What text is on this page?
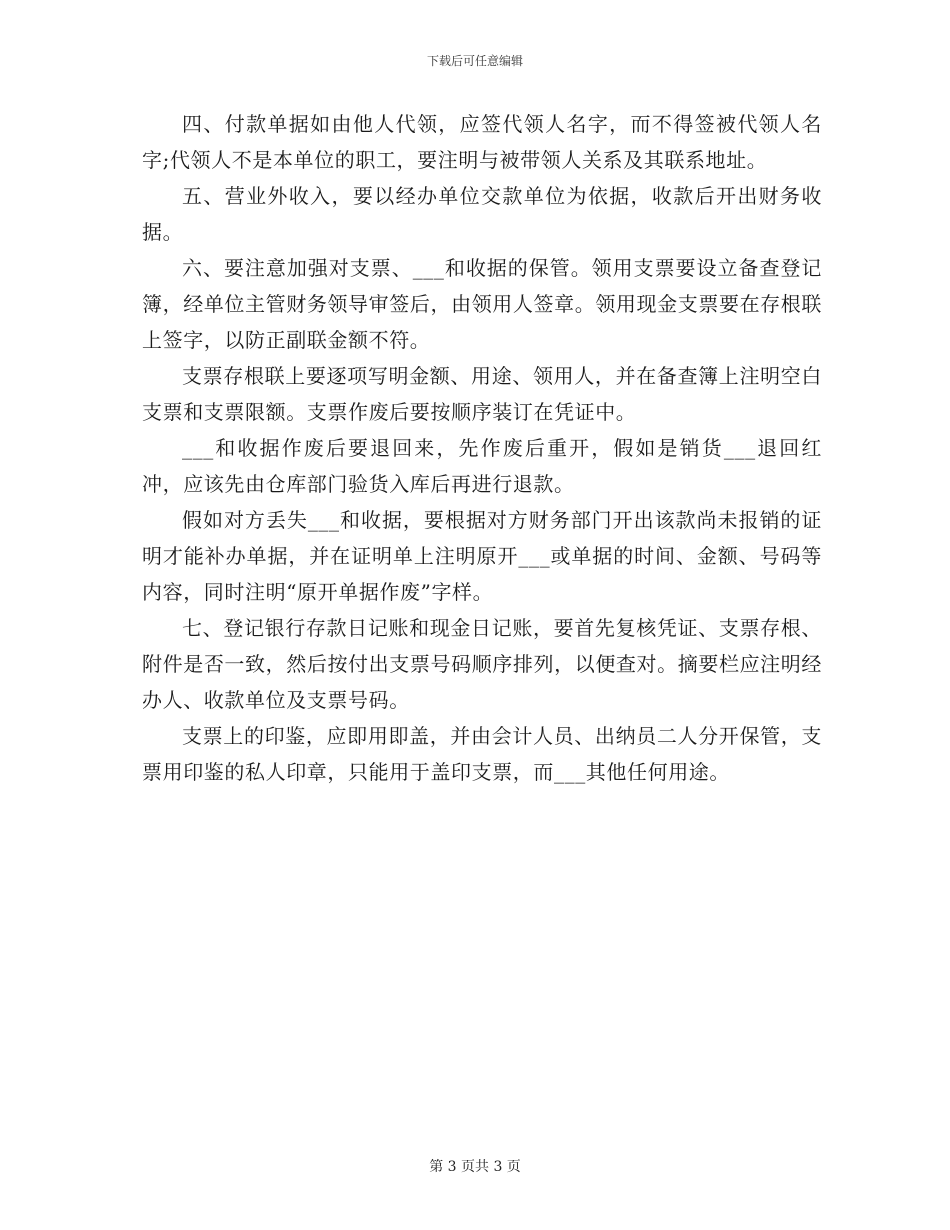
下载后可任意编辑

四、付款单据如由他人代领，应签代领人名字，而不得签被代领人名字;代领人不是本单位的职工，要注明与被带领人关系及其联系地址。

五、营业外收入，要以经办单位交款单位为依据，收款后开出财务收据。

六、要注意加强对支票、___和收据的保管。领用支票要设立备查登记簿，经单位主管财务领导审签后，由领用人签章。领用现金支票要在存根联上签字，以防正副联金额不符。

支票存根联上要逐项写明金额、用途、领用人，并在备查簿上注明空白支票和支票限额。支票作废后要按顺序装订在凭证中。

___和收据作废后要退回来，先作废后重开，假如是销货___退回红冲，应该先由仓库部门验货入库后再进行退款。

假如对方丢失___和收据，要根据对方财务部门开出该款尚未报销的证明才能补办单据，并在证明单上注明原开___或单据的时间、金额、号码等内容，同时注明“原开单据作废”字样。

七、登记银行存款日记账和现金日记账，要首先复核凭证、支票存根、附件是否一致，然后按付出支票号码顺序排列，以便查对。摘要栏应注明经办人、收款单位及支票号码。

支票上的印鉴，应即用即盖，并由会计人员、出纳员二人分开保管，支票用印鉴的私人印章，只能用于盖印支票，而___其他任何用途。

第 3 页共 3 页
